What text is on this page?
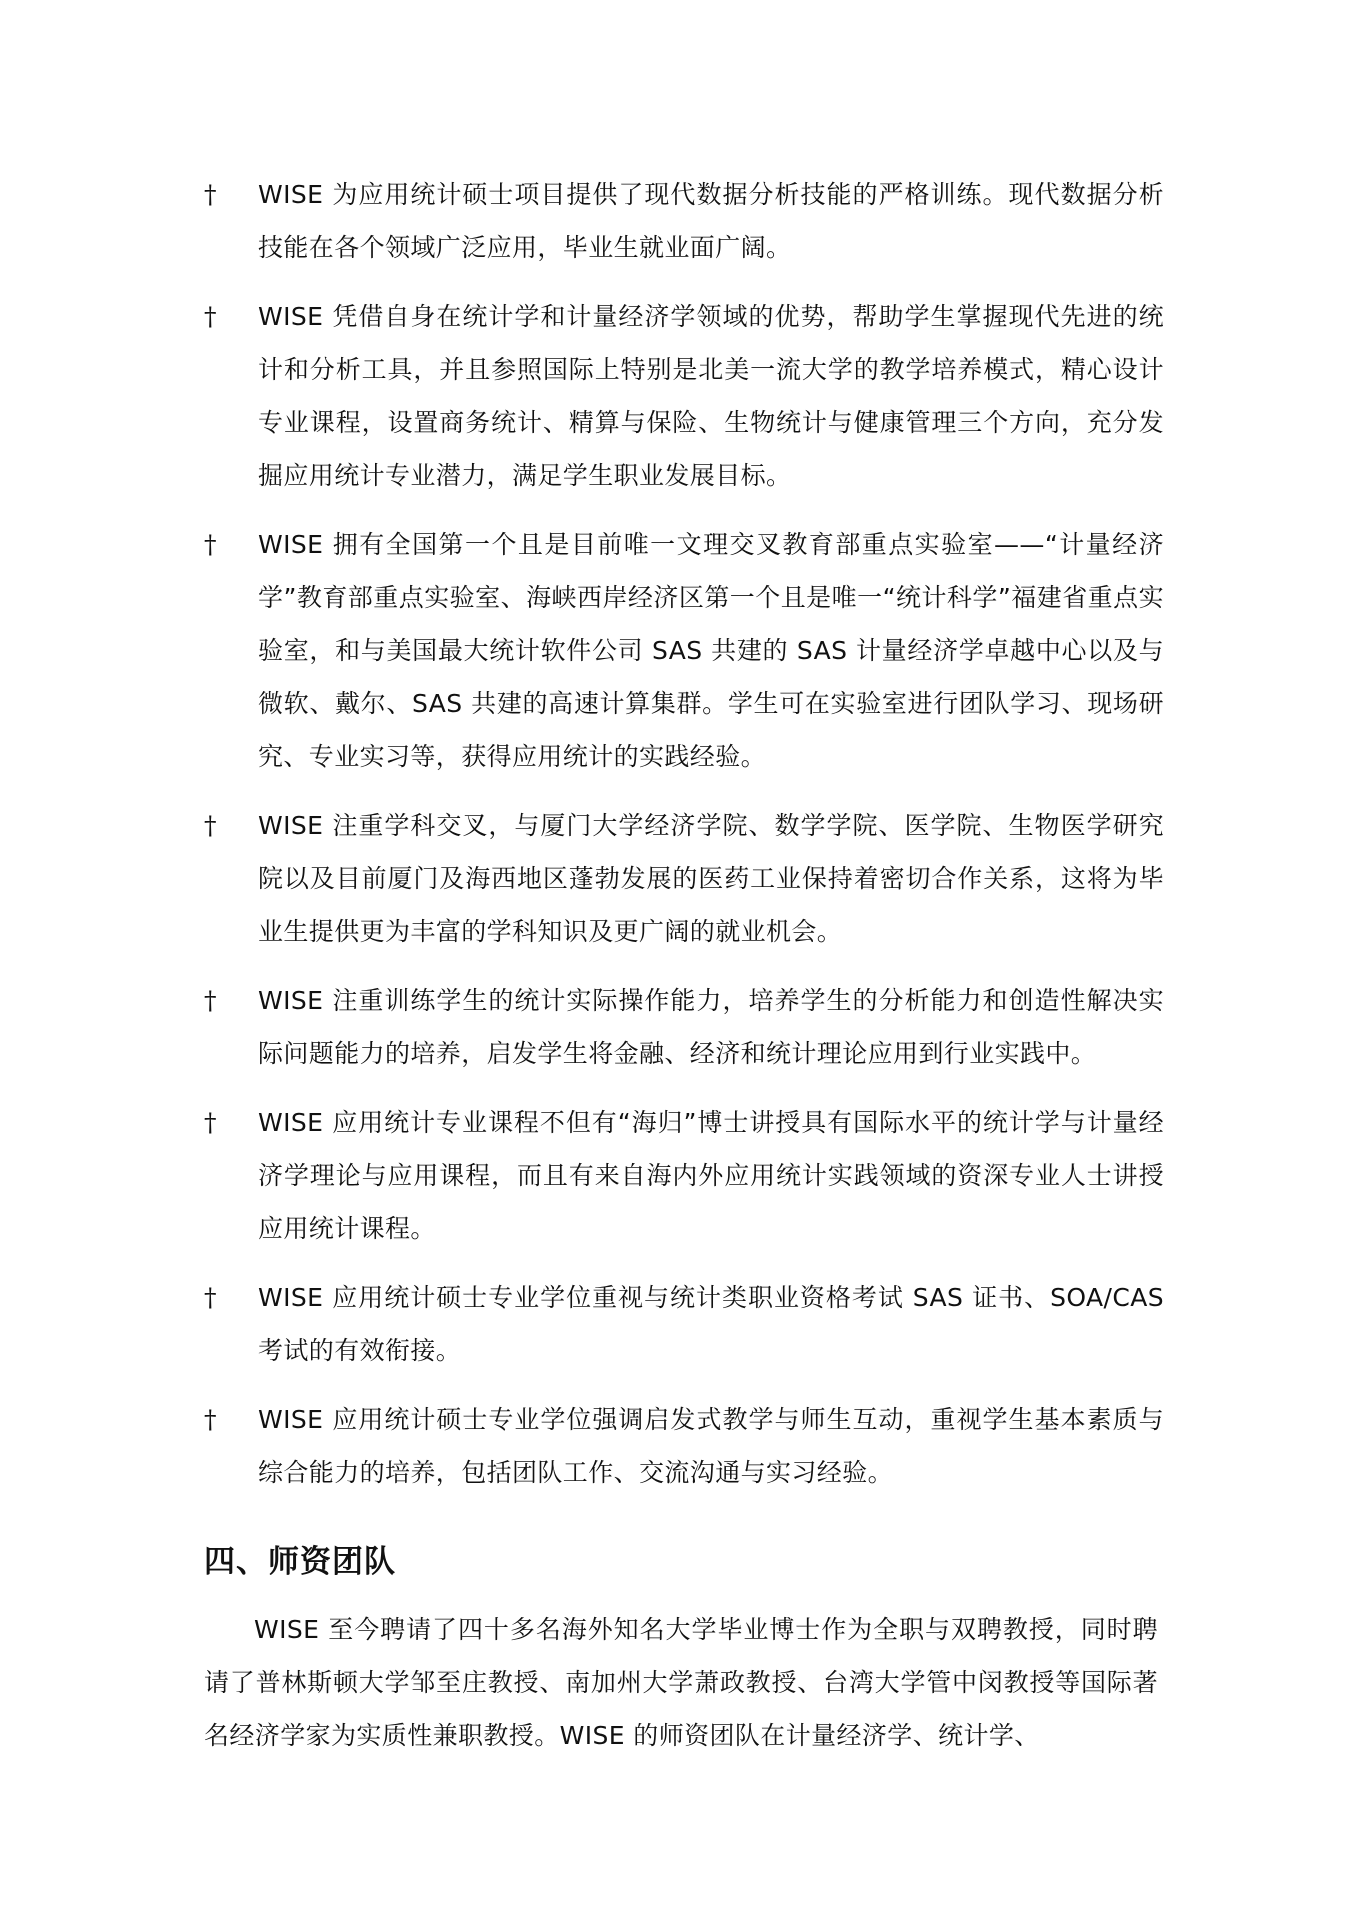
†	WISE 为应用统计硕士项目提供了现代数据分析技能的严格训练。现代数据分析技能在各个领域广泛应用，毕业生就业面广阔。
†	WISE 凭借自身在统计学和计量经济学领域的优势，帮助学生掌握现代先进的统计和分析工具，并且参照国际上特别是北美一流大学的教学培养模式，精心设计专业课程，设置商务统计、精算与保险、生物统计与健康管理三个方向，充分发掘应用统计专业潜力，满足学生职业发展目标。
†	WISE 拥有全国第一个且是目前唯一文理交叉教育部重点实验室——“计量经济学”教育部重点实验室、海峡西岸经济区第一个且是唯一“统计科学”福建省重点实验室，和与美国最大统计软件公司 SAS 共建的 SAS 计量经济学卓越中心以及与微软、戴尔、SAS 共建的高速计算集群。学生可在实验室进行团队学习、现场研究、专业实习等，获得应用统计的实践经验。
†	WISE 注重学科交叉，与厦门大学经济学院、数学学院、医学院、生物医学研究院以及目前厦门及海西地区蓬勃发展的医药工业保持着密切合作关系，这将为毕业生提供更为丰富的学科知识及更广阔的就业机会。
†	WISE 注重训练学生的统计实际操作能力，培养学生的分析能力和创造性解决实际问题能力的培养，启发学生将金融、经济和统计理论应用到行业实践中。
†	WISE 应用统计专业课程不但有“海归”博士讲授具有国际水平的统计学与计量经济学理论与应用课程，而且有来自海内外应用统计实践领域的资深专业人士讲授应用统计课程。
†	WISE 应用统计硕士专业学位重视与统计类职业资格考试 SAS 证书、SOA/CAS 考试的有效衔接。
†	WISE 应用统计硕士专业学位强调启发式教学与师生互动，重视学生基本素质与综合能力的培养，包括团队工作、交流沟通与实习经验。
四、师资团队

WISE 至今聘请了四十多名海外知名大学毕业博士作为全职与双聘教授，同时聘请了普林斯顿大学邹至庄教授、南加州大学萧政教授、台湾大学管中闵教授等国际著名经济学家为实质性兼职教授。WISE 的师资团队在计量经济学、统计学、
